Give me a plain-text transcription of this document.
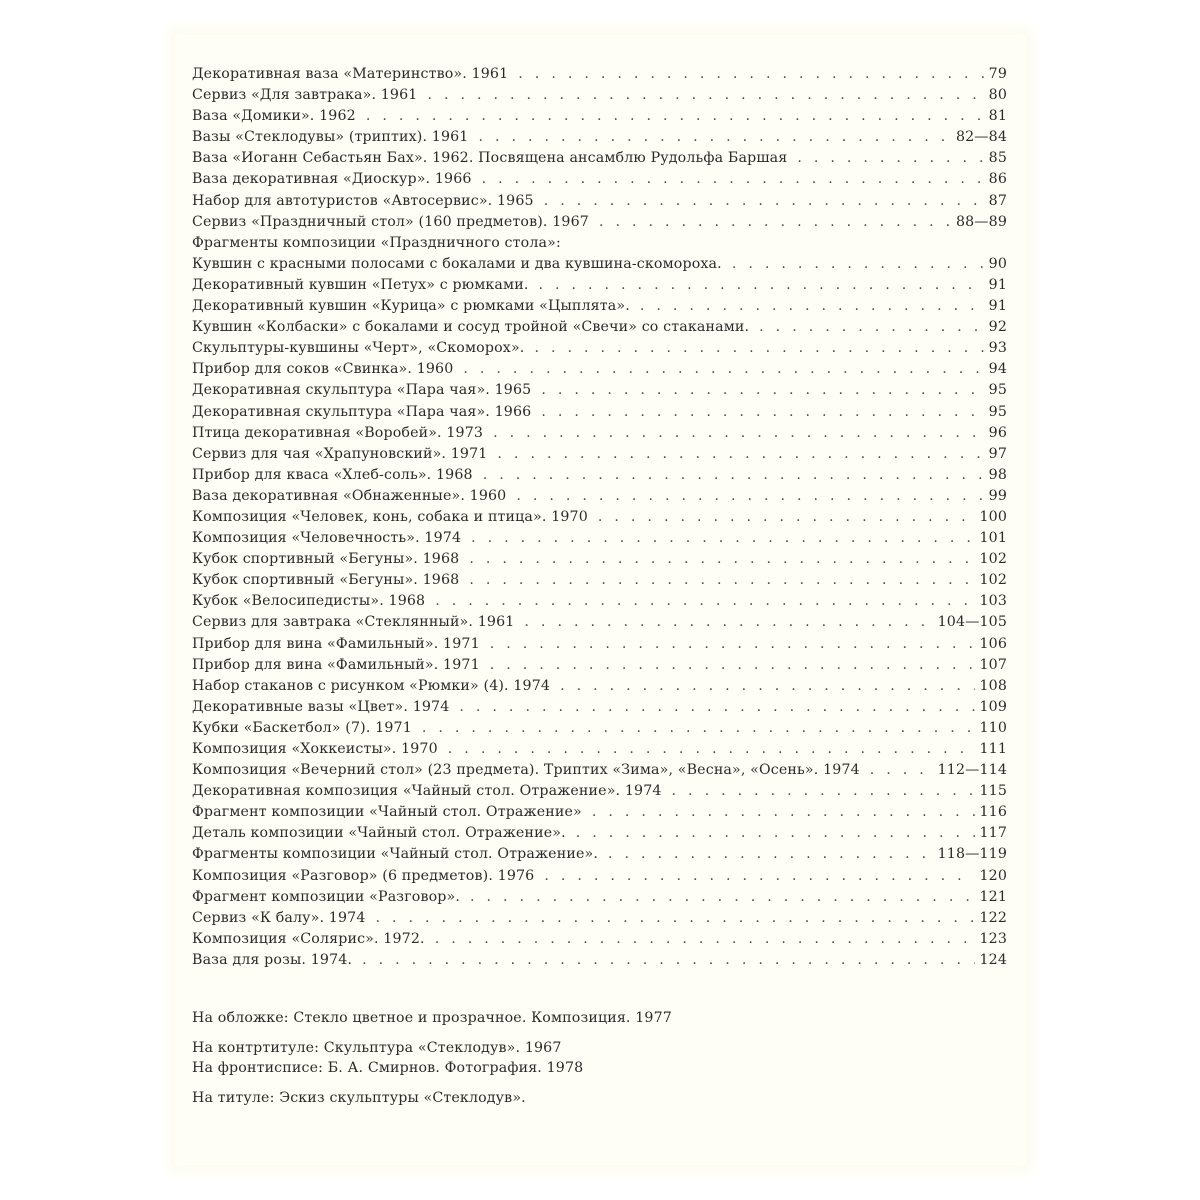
Декоративная ваза «Материнство». 1961 .....	79
Сервиз «Для завтрака». 1961 .....	80
Ваза «Домики». 1962 .....	81
Вазы «Стеклодувы» (триптих). 1961 .....	82—84
Ваза «Иоганн Себастьян Бах». 1962. Посвящена ансамблю Рудольфа Баршая .....	85
Ваза декоративная «Диоскур». 1966 .....	86
Набор для автотуристов «Автосервис». 1965 .....	87
Сервиз «Праздничный стол» (160 предметов). 1967 .....	88—89
Фрагменты композиции «Праздничного стола»:
Кувшин с красными полосами с бокалами и два кувшина-скомороха. .....	90
Декоративный кувшин «Петух» с рюмками. .....	91
Декоративный кувшин «Курица» с рюмками «Цыплята». .....	91
Кувшин «Колбаски» с бокалами и сосуд тройной «Свечи» со стаканами. .....	92
Скульптуры-кувшины «Черт», «Скоморох». .....	93
Прибор для соков «Свинка». 1960 .....	94
Декоративная скульптура «Пара чая». 1965 .....	95
Декоративная скульптура «Пара чая». 1966 .....	95
Птица декоративная «Воробей». 1973 .....	96
Сервиз для чая «Храпуновский». 1971 .....	97
Прибор для кваса «Хлеб-соль». 1968 .....	98
Ваза декоративная «Обнаженные». 1960 .....	99
Композиция «Человек, конь, собака и птица». 1970 .....	100
Композиция «Человечность». 1974 .....	101
Кубок спортивный «Бегуны». 1968 .....	102
Кубок спортивный «Бегуны». 1968 .....	102
Кубок «Велосипедисты». 1968 .....	103
Сервиз для завтрака «Стеклянный». 1961 .....	104—105
Прибор для вина «Фамильный». 1971 .....	106
Прибор для вина «Фамильный». 1971 .....	107
Набор стаканов с рисунком «Рюмки» (4). 1974 .....	108
Декоративные вазы «Цвет». 1974 .....	109
Кубки «Баскетбол» (7). 1971 .....	110
Композиция «Хоккеисты». 1970 .....	111
Композиция «Вечерний стол» (23 предмета). Триптих «Зима», «Весна», «Осень». 1974 .....	112—114
Декоративная композиция «Чайный стол. Отражение». 1974 .....	115
Фрагмент композиции «Чайный стол. Отражение» .....	116
Деталь композиции «Чайный стол. Отражение». .....	117
Фрагменты композиции «Чайный стол. Отражение». .....	118—119
Композиция «Разговор» (6 предметов). 1976 .....	120
Фрагмент композиции «Разговор». .....	121
Сервиз «К балу». 1974 .....	122
Композиция «Солярис». 1972. .....	123
Ваза для розы. 1974. .....	124
На обложке: Стекло цветное и прозрачное. Композиция. 1977
На контртитуле: Скульптура «Стеклодув». 1967
На фронтисписе: Б. А. Смирнов. Фотография. 1978
На титуле: Эскиз скульптуры «Стеклодув».
